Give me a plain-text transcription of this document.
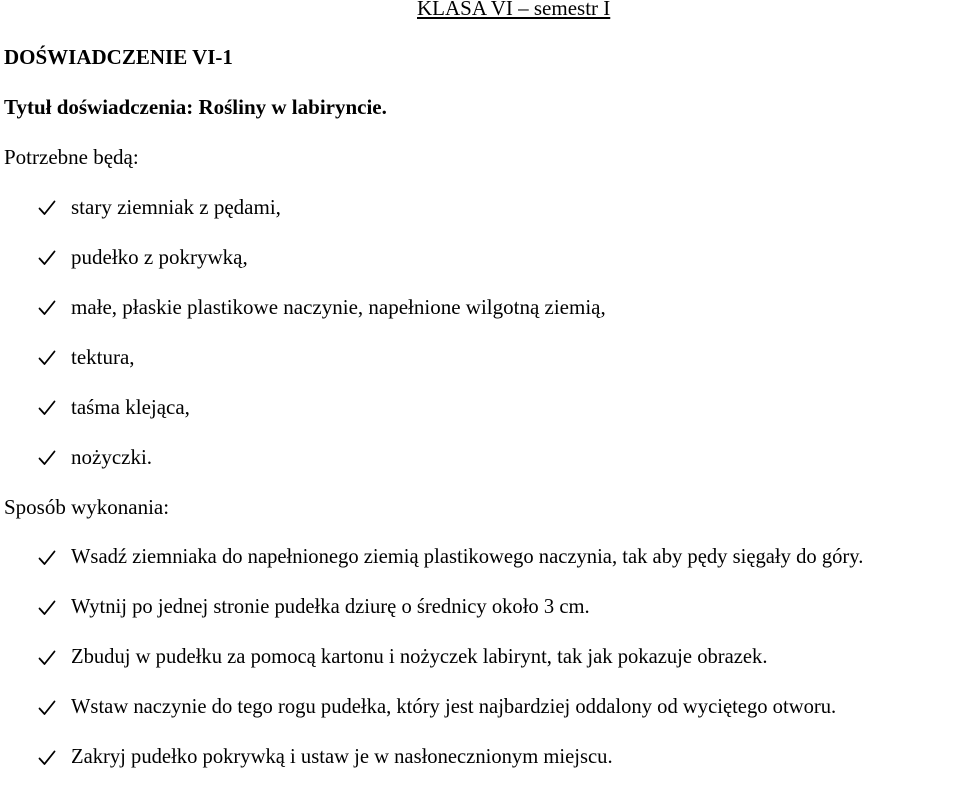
KLASA VI – semestr I
DOŚWIADCZENIE VI-1
Tytuł doświadczenia: Rośliny w labiryncie.
Potrzebne będą:
stary ziemniak z pędami,
pudełko z pokrywką,
małe, płaskie plastikowe naczynie, napełnione wilgotną ziemią,
tektura,
taśma klejąca,
nożyczki.
Sposób wykonania:
Wsadź ziemniaka do napełnionego ziemią plastikowego naczynia, tak aby pędy sięgały do góry.
Wytnij po jednej stronie pudełka dziurę o średnicy około 3 cm.
Zbuduj w pudełku za pomocą kartonu i nożyczek labirynt, tak jak pokazuje obrazek.
Wstaw naczynie do tego rogu pudełka, który jest najbardziej oddalony od wyciętego otworu.
Zakryj pudełko pokrywką i ustaw je w nasłonecznionym miejscu.
